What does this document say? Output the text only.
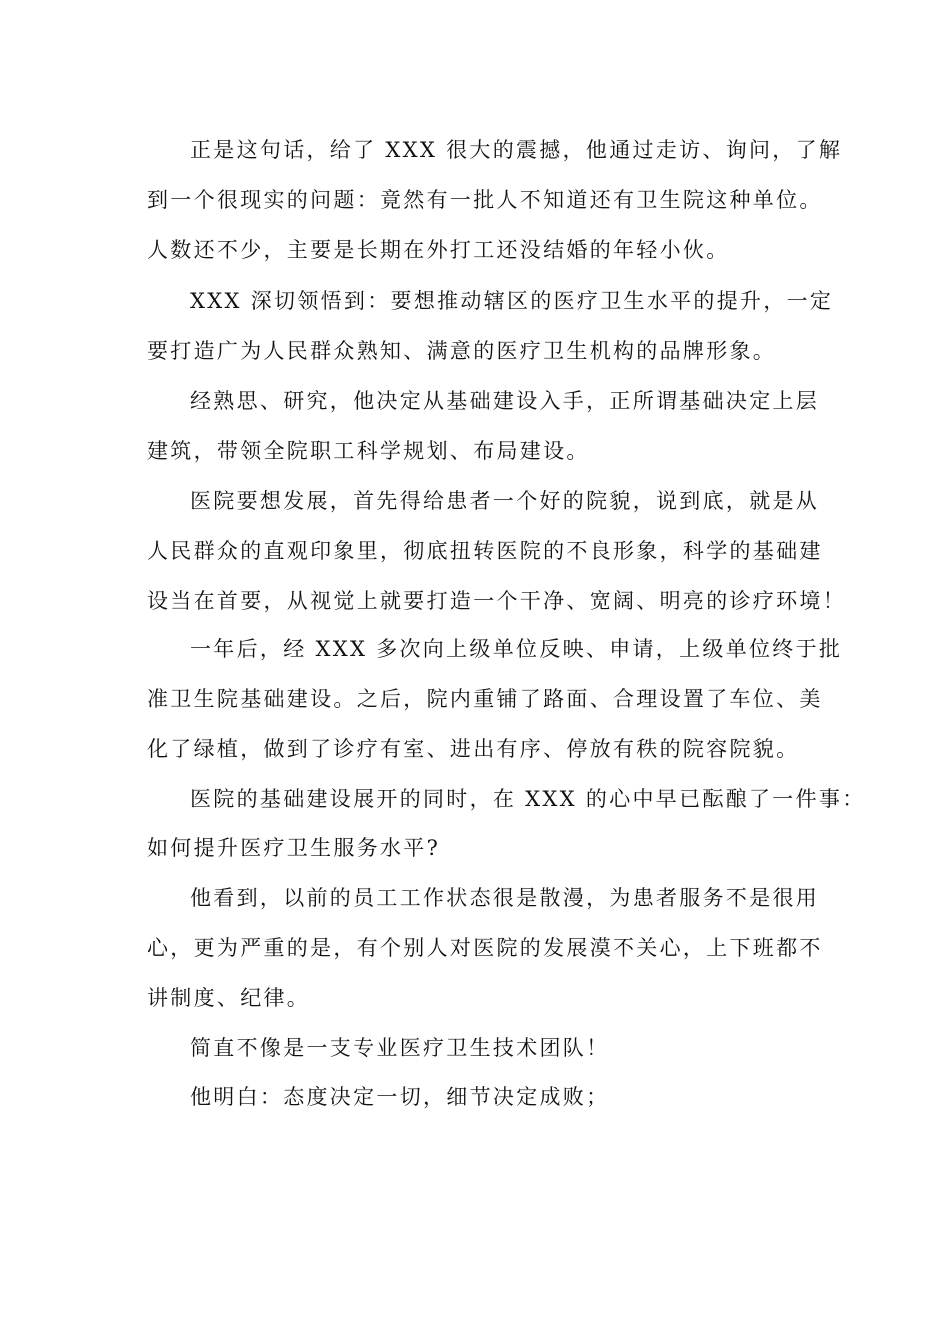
正是这句话，给了 XXX 很大的震撼，他通过走访、询问，了解
到一个很现实的问题：竟然有一批人不知道还有卫生院这种单位。
人数还不少，主要是长期在外打工还没结婚的年轻小伙。
XXX 深切领悟到：要想推动辖区的医疗卫生水平的提升，一定
要打造广为人民群众熟知、满意的医疗卫生机构的品牌形象。
经熟思、研究，他决定从基础建设入手，正所谓基础决定上层
建筑，带领全院职工科学规划、布局建设。
医院要想发展，首先得给患者一个好的院貌，说到底，就是从
人民群众的直观印象里，彻底扭转医院的不良形象，科学的基础建
设当在首要，从视觉上就要打造一个干净、宽阔、明亮的诊疗环境！
一年后，经 XXX 多次向上级单位反映、申请，上级单位终于批
准卫生院基础建设。之后，院内重铺了路面、合理设置了车位、美
化了绿植，做到了诊疗有室、进出有序、停放有秩的院容院貌。
医院的基础建设展开的同时，在 XXX 的心中早已酝酿了一件事：
如何提升医疗卫生服务水平?
他看到，以前的员工工作状态很是散漫，为患者服务不是很用
心，更为严重的是，有个别人对医院的发展漠不关心，上下班都不
讲制度、纪律。
简直不像是一支专业医疗卫生技术团队！
他明白：态度决定一切，细节决定成败；
